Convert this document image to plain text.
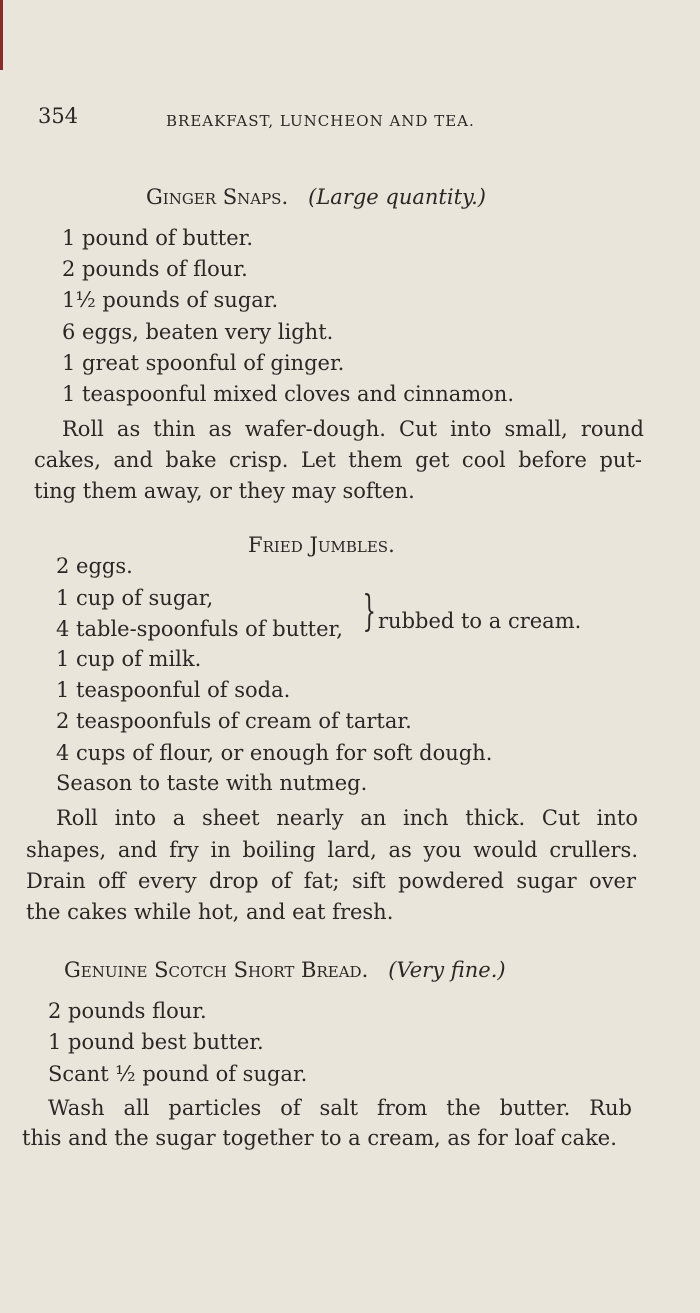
354	BREAKFAST, LUNCHEON AND TEA.
Ginger Snaps. (Large quantity.)
1 pound of butter.
2 pounds of flour.
1½ pounds of sugar.
6 eggs, beaten very light.
1 great spoonful of ginger.
1 teaspoonful mixed cloves and cinnamon.
Roll as thin as wafer-dough. Cut into small, round
cakes, and bake crisp. Let them get cool before put-
ting them away, or they may soften.
Fried Jumbles.
2 eggs.
1 cup of sugar,
4 table-spoonfuls of butter, } rubbed to a cream.
1 cup of milk.
1 teaspoonful of soda.
2 teaspoonfuls of cream of tartar.
4 cups of flour, or enough for soft dough.
Season to taste with nutmeg.
Roll into a sheet nearly an inch thick. Cut into
shapes, and fry in boiling lard, as you would crullers.
Drain off every drop of fat; sift powdered sugar over
the cakes while hot, and eat fresh.
Genuine Scotch Short Bread. (Very fine.)
2 pounds flour.
1 pound best butter.
Scant ½ pound of sugar.
Wash all particles of salt from the butter. Rub
this and the sugar together to a cream, as for loaf cake.
